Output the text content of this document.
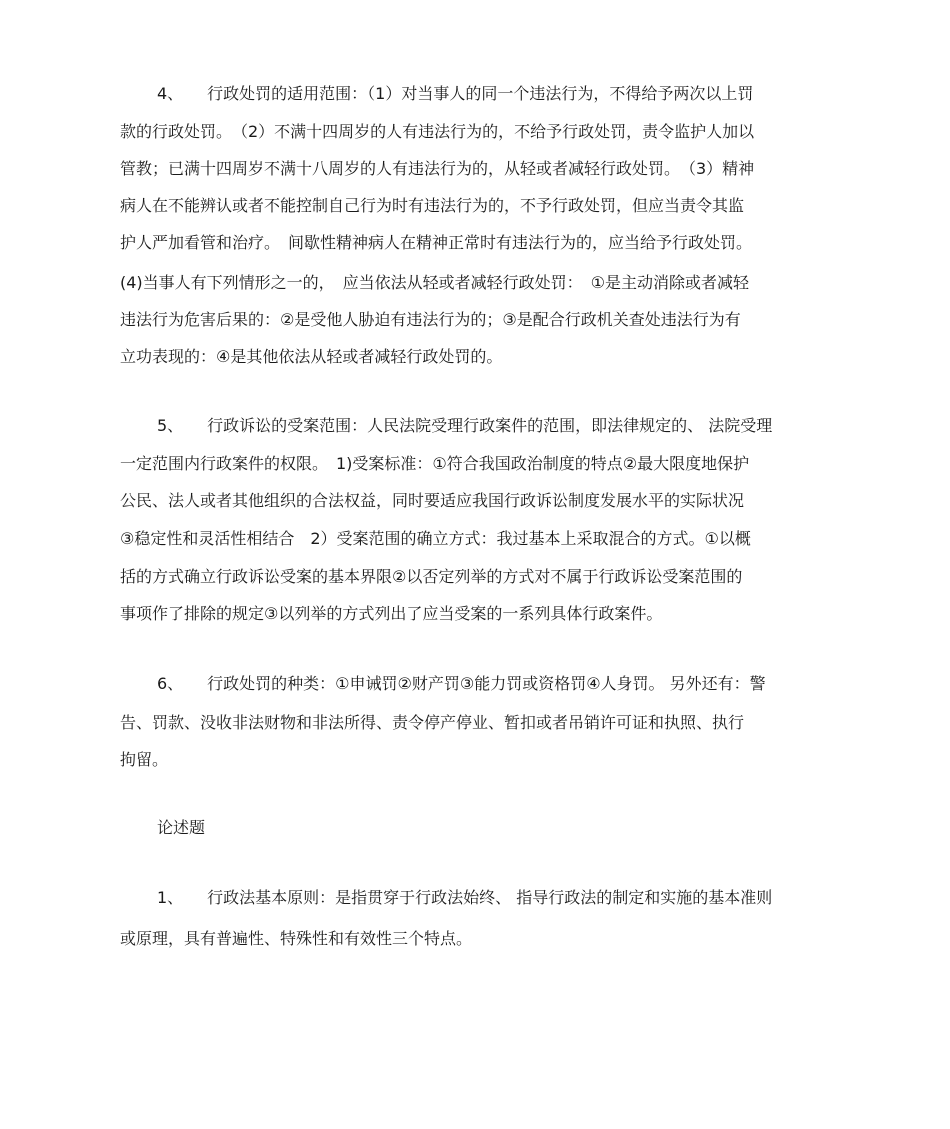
4、　　行政处罚的适用范围：（1）对当事人的同一个违法行为，不得给予两次以上罚
款的行政处罚。　（2）不满十四周岁的人有违法行为的，不给予行政处罚，责令监护人加以
管教；已满十四周岁不满十八周岁的人有违法行为的，从轻或者减轻行政处罚。　（3）精神
病人在不能辨认或者不能控制自己行为时有违法行为的，不予行政处罚，但应当责令其监
护人严加看管和治疗。　间歇性精神病人在精神正常时有违法行为的，应当给予行政处罚。
(4)当事人有下列情形之一的，　应当依法从轻或者减轻行政处罚：　①是主动消除或者减轻
违法行为危害后果的：②是受他人胁迫有违法行为的；③是配合行政机关查处违法行为有
立功表现的：④是其他依法从轻或者减轻行政处罚的。
5、　　行政诉讼的受案范围：人民法院受理行政案件的范围，即法律规定的、 法院受理
一定范围内行政案件的权限。　1)受案标准：①符合我国政治制度的特点②最大限度地保护
公民、法人或者其他组织的合法权益，同时要适应我国行政诉讼制度发展水平的实际状况
③稳定性和灵活性相结合　2）受案范围的确立方式：我过基本上采取混合的方式。①以概
括的方式确立行政诉讼受案的基本界限②以否定列举的方式对不属于行政诉讼受案范围的
事项作了排除的规定③以列举的方式列出了应当受案的一系列具体行政案件。
6、　　行政处罚的种类：①申诫罚②财产罚③能力罚或资格罚④人身罚。 另外还有：警
告、罚款、没收非法财物和非法所得、责令停产停业、暂扣或者吊销许可证和执照、执行
拘留。
论述题
1、　　行政法基本原则：是指贯穿于行政法始终、 指导行政法的制定和实施的基本准则
或原理，具有普遍性、特殊性和有效性三个特点。
